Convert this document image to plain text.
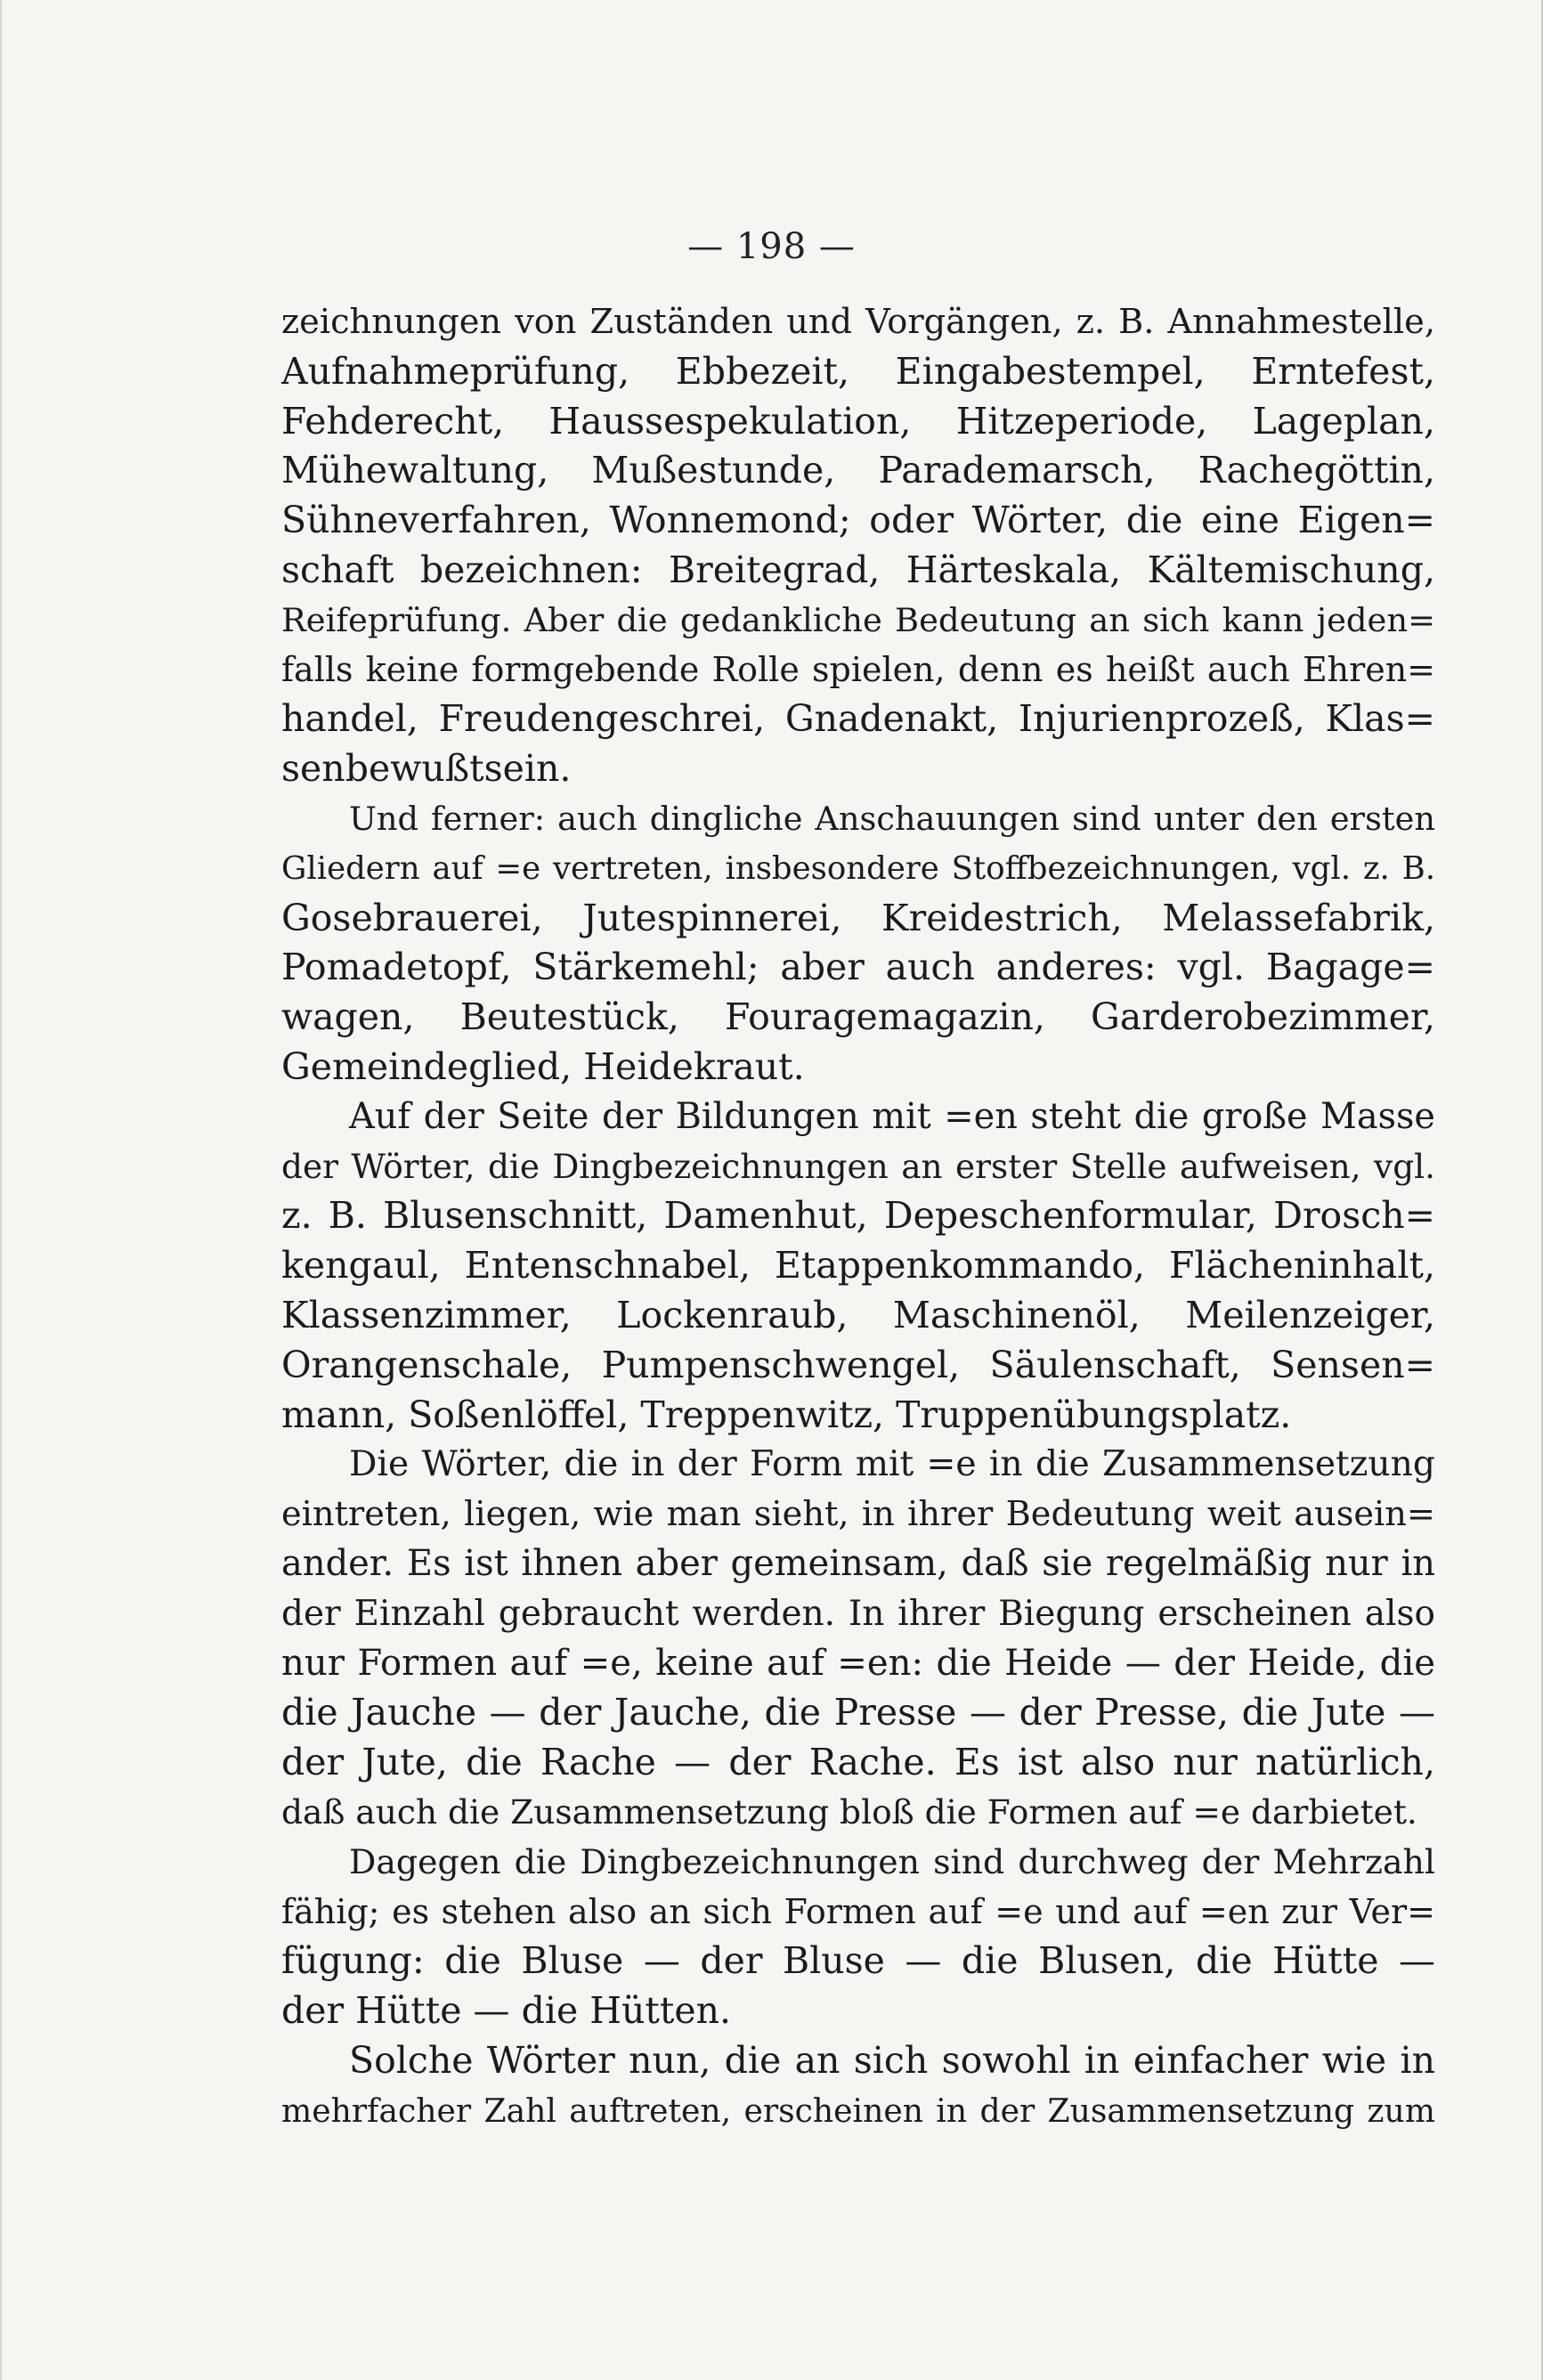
— 198 —
zeichnungen von Zuständen und Vorgängen, z. B. Annahmestelle,
Aufnahmeprüfung, Ebbezeit, Eingabestempel, Erntefest,
Fehderecht, Haussespekulation, Hitzeperiode, Lageplan,
Mühewaltung, Mußestunde, Parademarsch, Rachegöttin,
Sühneverfahren, Wonnemond; oder Wörter, die eine Eigen=
schaft bezeichnen: Breitegrad, Härteskala, Kältemischung,
Reifeprüfung. Aber die gedankliche Bedeutung an sich kann jeden=
falls keine formgebende Rolle spielen, denn es heißt auch Ehren=
handel, Freudengeschrei, Gnadenakt, Injurienprozeß, Klas=
senbewußtsein.
Und ferner: auch dingliche Anschauungen sind unter den ersten
Gliedern auf =e vertreten, insbesondere Stoffbezeichnungen, vgl. z. B.
Gosebrauerei, Jutespinnerei, Kreidestrich, Melassefabrik,
Pomadetopf, Stärkemehl; aber auch anderes: vgl. Bagage=
wagen, Beutestück, Fouragemagazin, Garderobezimmer,
Gemeindeglied, Heidekraut.
Auf der Seite der Bildungen mit =en steht die große Masse
der Wörter, die Dingbezeichnungen an erster Stelle aufweisen, vgl.
z. B. Blusenschnitt, Damenhut, Depeschenformular, Drosch=
kengaul, Entenschnabel, Etappenkommando, Flächeninhalt,
Klassenzimmer, Lockenraub, Maschinenöl, Meilenzeiger,
Orangenschale, Pumpenschwengel, Säulenschaft, Sensen=
mann, Soßenlöffel, Treppenwitz, Truppenübungsplatz.
Die Wörter, die in der Form mit =e in die Zusammensetzung
eintreten, liegen, wie man sieht, in ihrer Bedeutung weit ausein=
ander. Es ist ihnen aber gemeinsam, daß sie regelmäßig nur in
der Einzahl gebraucht werden. In ihrer Biegung erscheinen also
nur Formen auf =e, keine auf =en: die Heide — der Heide, die
die Jauche — der Jauche, die Presse — der Presse, die Jute —
der Jute, die Rache — der Rache. Es ist also nur natürlich,
daß auch die Zusammensetzung bloß die Formen auf =e darbietet.
Dagegen die Dingbezeichnungen sind durchweg der Mehrzahl
fähig; es stehen also an sich Formen auf =e und auf =en zur Ver=
fügung: die Bluse — der Bluse — die Blusen, die Hütte —
der Hütte — die Hütten.
Solche Wörter nun, die an sich sowohl in einfacher wie in
mehrfacher Zahl auftreten, erscheinen in der Zusammensetzung zum
